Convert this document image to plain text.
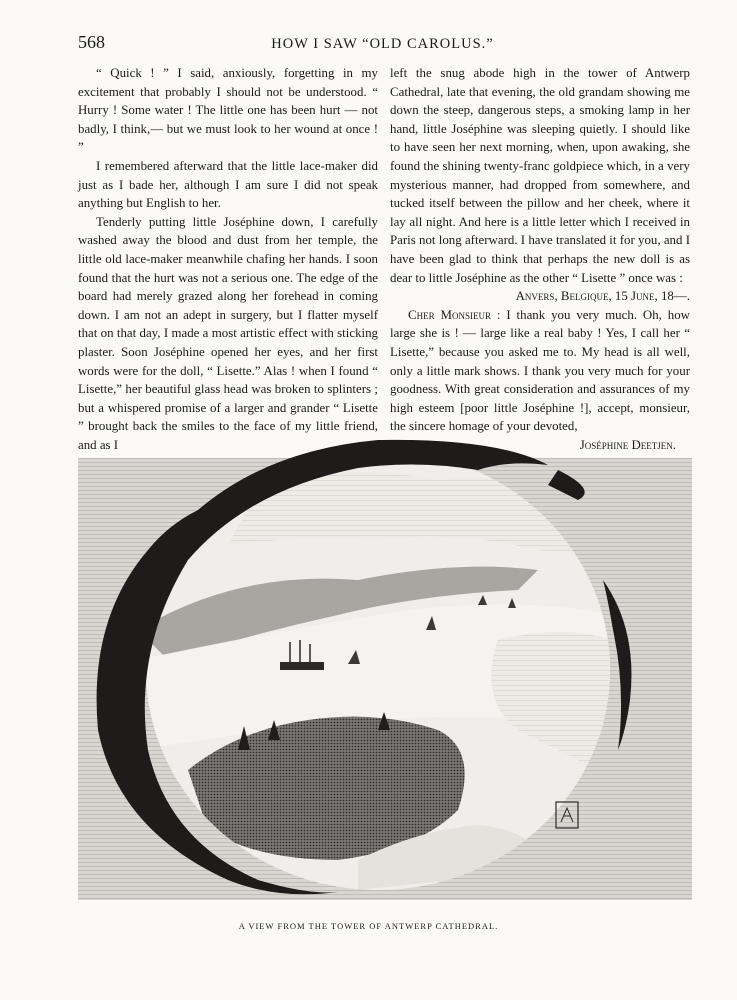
568	HOW I SAW “OLD CAROLUS.”

“ Quick ! ” I said, anxiously, forgetting in my excitement that probably I should not be understood. “ Hurry ! Some water ! The little one has been hurt — not badly, I think,— but we must look to her wound at once ! ”

I remembered afterward that the little lace-maker did just as I bade her, although I am sure I did not speak anything but English to her.

Tenderly putting little Joséphine down, I carefully washed away the blood and dust from her temple, the little old lace-maker meanwhile chafing her hands. I soon found that the hurt was not a serious one. The edge of the board had merely grazed along her forehead in coming down. I am not an adept in surgery, but I flatter myself that on that day, I made a most artistic effect with sticking plaster. Soon Joséphine opened her eyes, and her first words were for the doll, “ Lisette.” Alas ! when I found “ Lisette,” her beautiful glass head was broken to splinters ; but a whispered promise of a larger and grander “ Lisette ” brought back the smiles to the face of my little friend, and as I

left the snug abode high in the tower of Antwerp Cathedral, late that evening, the old grandam showing me down the steep, dangerous steps, a smoking lamp in her hand, little Joséphine was sleeping quietly. I should like to have seen her next morning, when, upon awaking, she found the shining twenty-franc goldpiece which, in a very mysterious manner, had dropped from somewhere, and tucked itself between the pillow and her cheek, where it lay all night. And here is a little letter which I received in Paris not long afterward. I have translated it for you, and I have been glad to think that perhaps the new doll is as dear to little Joséphine as the other “ Lisette ” once was :

Anvers, Belgique, 15 June, 18—.

Cher Monsieur : I thank you very much. Oh, how large she is ! — large like a real baby ! Yes, I call her “ Lisette,” because you asked me to. My head is all well, only a little mark shows. I thank you very much for your goodness. With great consideration and assurances of my high esteem [poor little Joséphine !], accept, monsieur, the sincere homage of your devoted,

Joséphine Deetjen.

A VIEW FROM THE TOWER OF ANTWERP CATHEDRAL.
